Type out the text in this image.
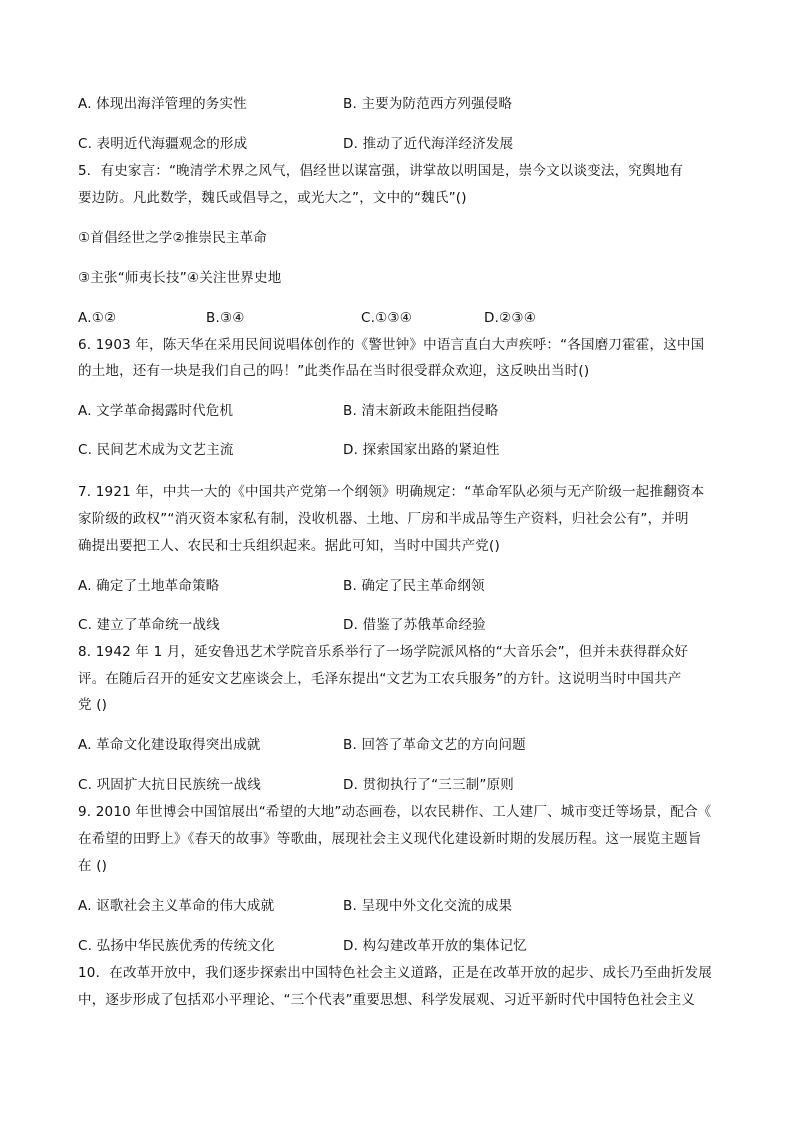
A. 体现出海洋管理的务实性	B. 主要为防范西方列强侵略
C. 表明近代海疆观念的形成	D. 推动了近代海洋经济发展
5．有史家言：“晚清学术界之风气，倡经世以谋富强，讲掌故以明国是，崇今文以谈变法，究舆地有
要边防。凡此数学，魏氏或倡导之，或光大之”，文中的“魏氏”()
①首倡经世之学②推崇民主革命
③主张“师夷长技”④关注世界史地
A.①②	B.③④	C.①③④	D.②③④
6. 1903 年，陈天华在采用民间说唱体创作的《警世钟》中语言直白大声疾呼：“各国磨刀霍霍，这中国
的土地，还有一块是我们自己的吗！”此类作品在当时很受群众欢迎，这反映出当时()
A. 文学革命揭露时代危机	B. 清末新政未能阻挡侵略
C. 民间艺术成为文艺主流	D. 探索国家出路的紧迫性
7. 1921 年，中共一大的《中国共产党第一个纲领》明确规定：“革命军队必须与无产阶级一起推翻资本
家阶级的政权”“消灭资本家私有制，没收机器、土地、厂房和半成品等生产资料，归社会公有”，并明
确提出要把工人、农民和士兵组织起来。据此可知，当时中国共产党()
A. 确定了土地革命策略	B. 确定了民主革命纲领
C. 建立了革命统一战线	D. 借鉴了苏俄革命经验
8. 1942 年 1 月，延安鲁迅艺术学院音乐系举行了一场学院派风格的“大音乐会”，但并未获得群众好
评。在随后召开的延安文艺座谈会上，毛泽东提出“文艺为工农兵服务”的方针。这说明当时中国共产
党 ()
A. 革命文化建设取得突出成就	B. 回答了革命文艺的方向问题
C. 巩固扩大抗日民族统一战线	D. 贯彻执行了“三三制”原则
9. 2010 年世博会中国馆展出“希望的大地”动态画卷，以农民耕作、工人建厂、城市变迁等场景，配合《
在希望的田野上》《春天的故事》等歌曲，展现社会主义现代化建设新时期的发展历程。这一展览主题旨
在 ()
A. 讴歌社会主义革命的伟大成就	B. 呈现中外文化交流的成果
C. 弘扬中华民族优秀的传统文化	D. 构勾建改革开放的集体记忆
10．在改革开放中，我们逐步探索出中国特色社会主义道路，正是在改革开放的起步、成长乃至曲折发展
中，逐步形成了包括邓小平理论、“三个代表”重要思想、科学发展观、习近平新时代中国特色社会主义
